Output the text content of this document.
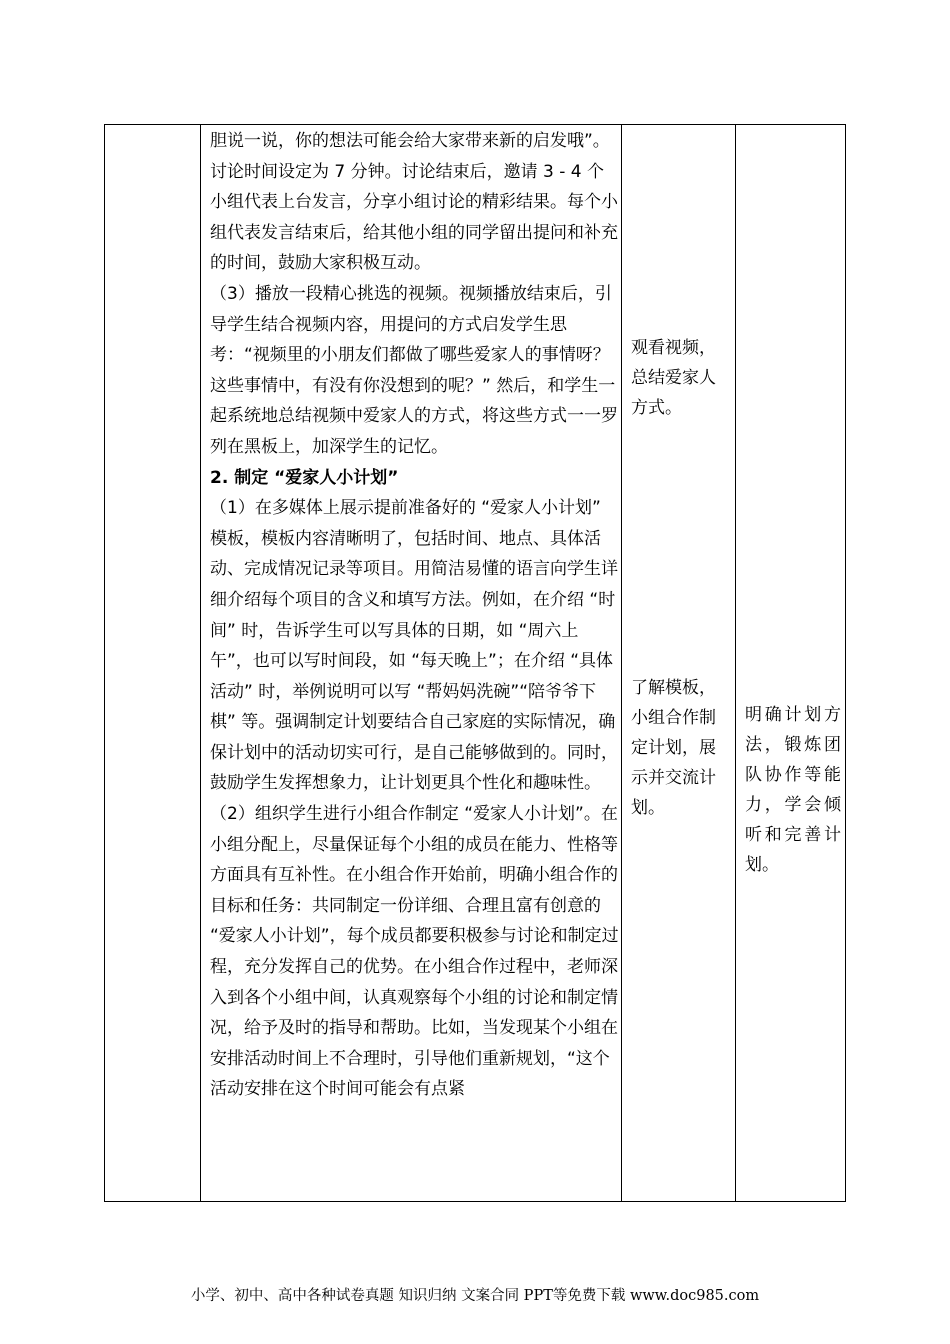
胆说一说，你的想法可能会给大家带来新的启发哦”。讨论时间设定为 7 分钟。讨论结束后，邀请 3 - 4 个小组代表上台发言，分享小组讨论的精彩结果。每个小组代表发言结束后，给其他小组的同学留出提问和补充的时间，鼓励大家积极互动。

（3）播放一段精心挑选的视频。视频播放结束后，引导学生结合视频内容，用提问的方式启发学生思考：“视频里的小朋友们都做了哪些爱家人的事情呀？这些事情中，有没有你没想到的呢？” 然后，和学生一起系统地总结视频中爱家人的方式，将这些方式一一罗列在黑板上，加深学生的记忆。

2. 制定 “爱家人小计划”

（1）在多媒体上展示提前准备好的 “爱家人小计划” 模板，模板内容清晰明了，包括时间、地点、具体活动、完成情况记录等项目。用简洁易懂的语言向学生详细介绍每个项目的含义和填写方法。例如，在介绍 “时间” 时，告诉学生可以写具体的日期，如 “周六上午”，也可以写时间段，如 “每天晚上”；在介绍 “具体活动” 时，举例说明可以写 “帮妈妈洗碗”“陪爷爷下棋” 等。强调制定计划要结合自己家庭的实际情况，确保计划中的活动切实可行，是自己能够做到的。同时，鼓励学生发挥想象力，让计划更具个性化和趣味性。

（2）组织学生进行小组合作制定 “爱家人小计划”。在小组分配上，尽量保证每个小组的成员在能力、性格等方面具有互补性。在小组合作开始前，明确小组合作的目标和任务：共同制定一份详细、合理且富有创意的 “爱家人小计划”，每个成员都要积极参与讨论和制定过程，充分发挥自己的优势。在小组合作过程中，老师深入到各个小组中间，认真观察每个小组的讨论和制定情况，给予及时的指导和帮助。比如，当发现某个小组在安排活动时间上不合理时，引导他们重新规划，“这个活动安排在这个时间可能会有点紧

观看视频，总结爱家人方式。
了解模板，小组合作制定计划，展示并交流计划。
明确计划方法，锻炼团队协作等能力，学会倾听和完善计划。
小学、初中、高中各种试卷真题 知识归纳 文案合同 PPT等免费下载 www.doc985.com
